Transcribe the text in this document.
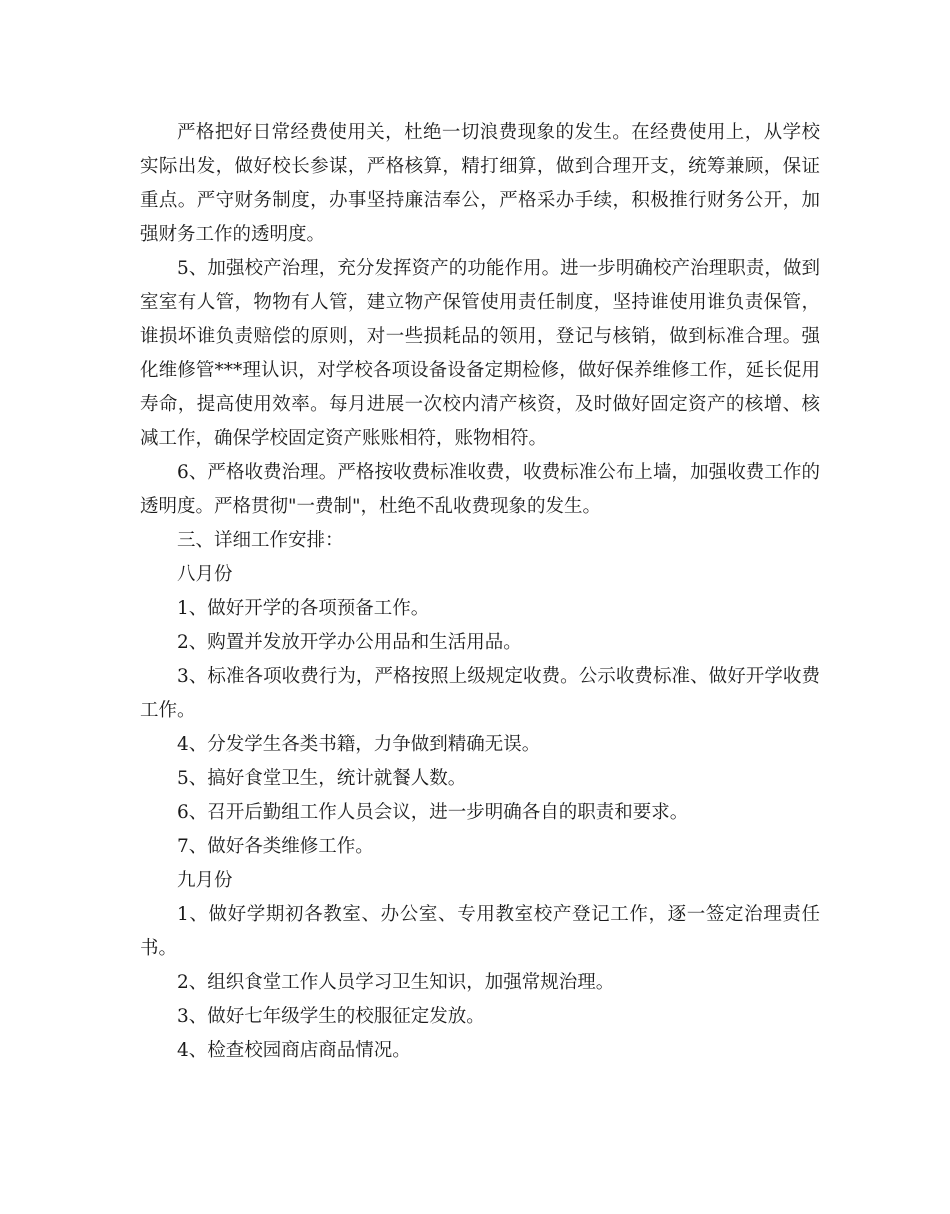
严格把好日常经费使用关，杜绝一切浪费现象的发生。在经费使用上，从学校实际出发，做好校长参谋，严格核算，精打细算，做到合理开支，统筹兼顾，保证重点。严守财务制度，办事坚持廉洁奉公，严格采办手续，积极推行财务公开，加强财务工作的透明度。

5、加强校产治理，充分发挥资产的功能作用。进一步明确校产治理职责，做到室室有人管，物物有人管，建立物产保管使用责任制度，坚持谁使用谁负责保管，谁损坏谁负责赔偿的原则，对一些损耗品的领用，登记与核销，做到标准合理。强化维修管***理认识，对学校各项设备设备定期检修，做好保养维修工作，延长促用寿命，提高使用效率。每月进展一次校内清产核资，及时做好固定资产的核增、核减工作，确保学校固定资产账账相符，账物相符。

6、严格收费治理。严格按收费标准收费，收费标准公布上墙，加强收费工作的透明度。严格贯彻"一费制"，杜绝不乱收费现象的发生。

三、详细工作安排：

八月份

1、做好开学的各项预备工作。

2、购置并发放开学办公用品和生活用品。

3、标准各项收费行为，严格按照上级规定收费。公示收费标准、做好开学收费工作。

4、分发学生各类书籍，力争做到精确无误。

5、搞好食堂卫生，统计就餐人数。

6、召开后勤组工作人员会议，进一步明确各自的职责和要求。

7、做好各类维修工作。

九月份

1、做好学期初各教室、办公室、专用教室校产登记工作，逐一签定治理责任书。

2、组织食堂工作人员学习卫生知识，加强常规治理。

3、做好七年级学生的校服征定发放。

4、检查校园商店商品情况。
